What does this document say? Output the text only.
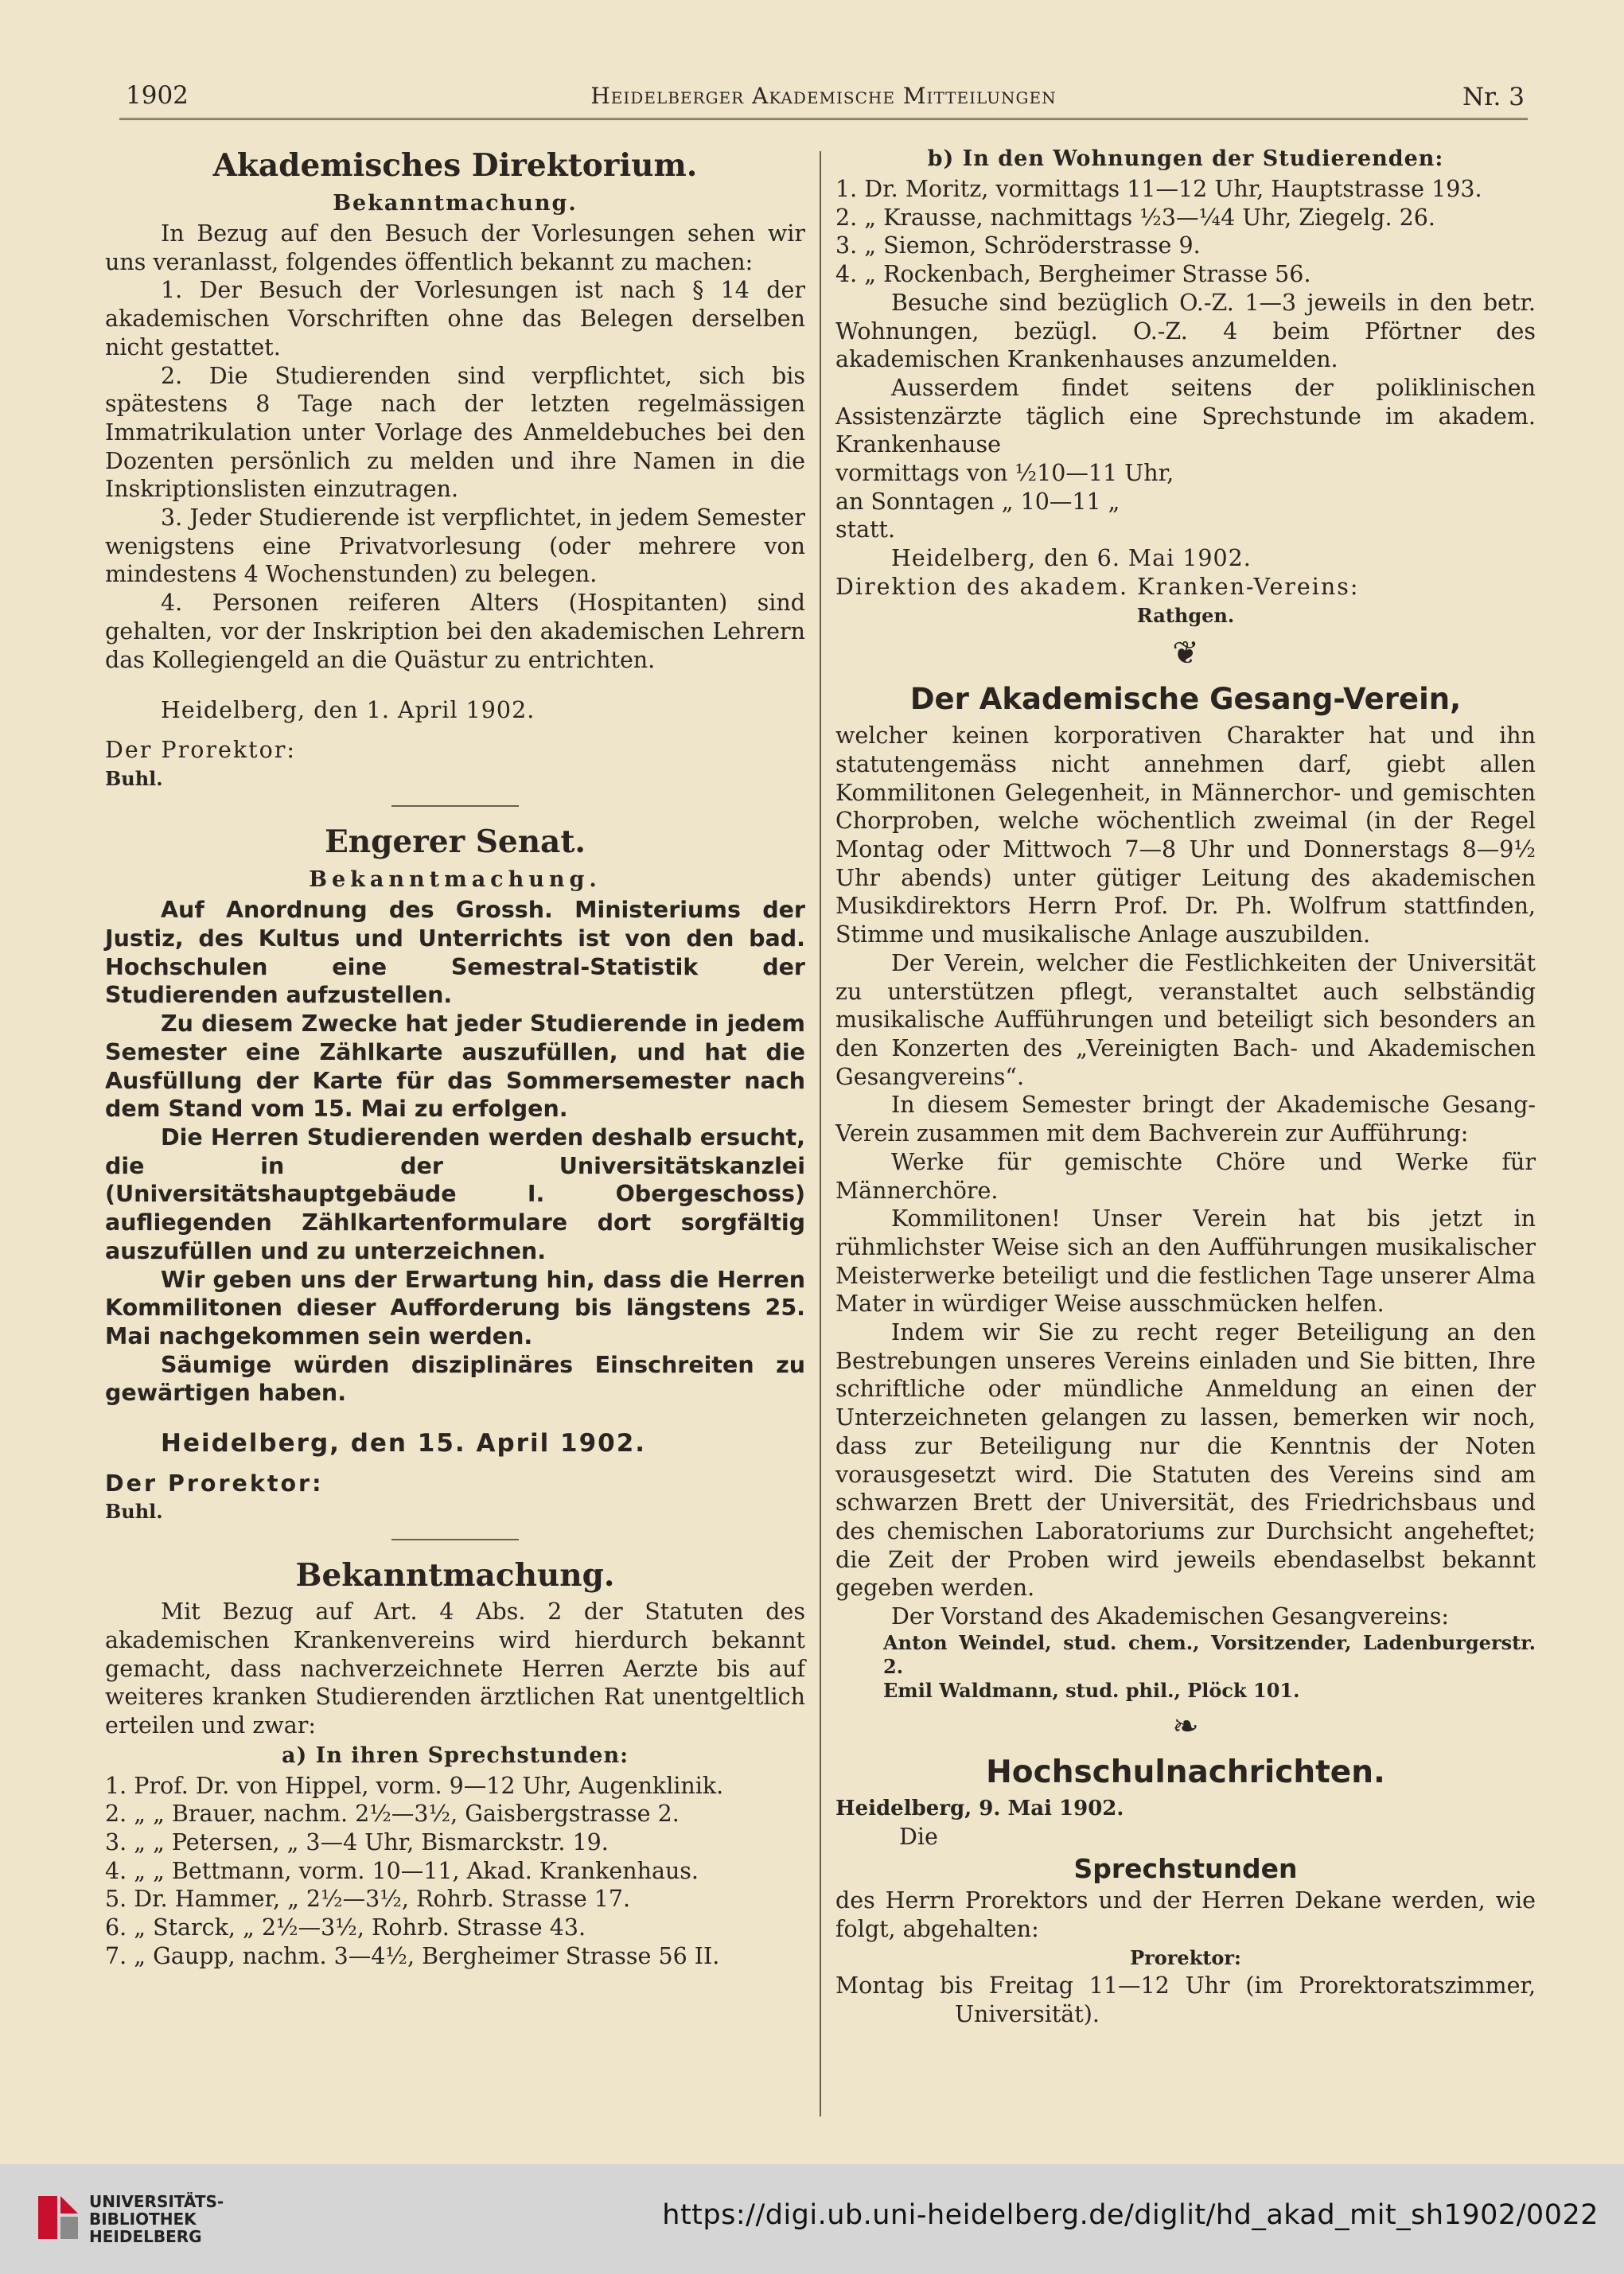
1902	Heidelberger Akademische Mitteilungen	Nr. 3
Akademisches Direktorium.
Bekanntmachung.

In Bezug auf den Besuch der Vorlesungen sehen wir uns veranlasst, folgendes öffentlich bekannt zu machen:

1. Der Besuch der Vorlesungen ist nach § 14 der akademischen Vorschriften ohne das Belegen derselben nicht gestattet.

2. Die Studierenden sind verpflichtet, sich bis spätestens 8 Tage nach der letzten regelmässigen Immatrikulation unter Vorlage des Anmeldebuches bei den Dozenten persönlich zu melden und ihre Namen in die Inskriptionslisten einzutragen.

3. Jeder Studierende ist verpflichtet, in jedem Semester wenigstens eine Privatvorlesung (oder mehrere von mindestens 4 Wochenstunden) zu belegen.

4. Personen reiferen Alters (Hospitanten) sind gehalten, vor der Inskription bei den akademischen Lehrern das Kollegiengeld an die Quästur zu entrichten.

Heidelberg, den 1. April 1902.

Der Prorektor:

Buhl.

Engerer Senat.
Bekanntmachung.

Auf Anordnung des Grossh. Ministeriums der Justiz, des Kultus und Unterrichts ist von den bad. Hochschulen eine Semestral-Statistik der Studierenden aufzustellen.

Zu diesem Zwecke hat jeder Studierende in jedem Semester eine Zählkarte auszufüllen, und hat die Ausfüllung der Karte für das Sommersemester nach dem Stand vom 15. Mai zu erfolgen.

Die Herren Studierenden werden deshalb ersucht, die in der Universitätskanzlei (Universitätshauptgebäude I. Obergeschoss) aufliegenden Zählkartenformulare dort sorgfältig auszufüllen und zu unterzeichnen.

Wir geben uns der Erwartung hin, dass die Herren Kommilitonen dieser Aufforderung bis längstens 25. Mai nachgekommen sein werden.

Säumige würden disziplinäres Einschreiten zu gewärtigen haben.

Heidelberg, den 15. April 1902.

Der Prorektor:

Buhl.

Bekanntmachung.

Mit Bezug auf Art. 4 Abs. 2 der Statuten des akademischen Krankenvereins wird hierdurch bekannt gemacht, dass nachverzeichnete Herren Aerzte bis auf weiteres kranken Studierenden ärztlichen Rat unentgeltlich erteilen und zwar:

a) In ihren Sprechstunden:

1. Prof. Dr. von Hippel, vorm. 9—12 Uhr, Augenklinik.

2. „ „ Brauer, nachm. 2½—3½, Gaisbergstrasse 2.

3. „ „ Petersen, „ 3—4 Uhr, Bismarckstr. 19.

4. „ „ Bettmann, vorm. 10—11, Akad. Krankenhaus.

5. Dr. Hammer, „ 2½—3½, Rohrb. Strasse 17.

6. „ Starck, „ 2½—3½, Rohrb. Strasse 43.

7. „ Gaupp, nachm. 3—4½, Bergheimer Strasse 56 II.

b) In den Wohnungen der Studierenden:

1. Dr. Moritz, vormittags 11—12 Uhr, Hauptstrasse 193.

2. „ Krausse, nachmittags ½3—¼4 Uhr, Ziegelg. 26.

3. „ Siemon, Schröderstrasse 9.

4. „ Rockenbach, Bergheimer Strasse 56.

Besuche sind bezüglich O.-Z. 1—3 jeweils in den betr. Wohnungen, bezügl. O.-Z. 4 beim Pförtner des akademischen Krankenhauses anzumelden.

Ausserdem findet seitens der poliklinischen Assistenzärzte täglich eine Sprechstunde im akadem. Krankenhause

vormittags von ½10—11 Uhr,

an Sonntagen „ 10—11 „

statt.

Heidelberg, den 6. Mai 1902.

Direktion des akadem. Kranken-Vereins:

Rathgen.

❦
Der Akademische Gesang-Verein,

welcher keinen korporativen Charakter hat und ihn statutengemäss nicht annehmen darf, giebt allen Kommilitonen Gelegenheit, in Männerchor- und gemischten Chorproben, welche wöchentlich zweimal (in der Regel Montag oder Mittwoch 7—8 Uhr und Donnerstags 8—9½ Uhr abends) unter gütiger Leitung des akademischen Musikdirektors Herrn Prof. Dr. Ph. Wolfrum stattfinden, Stimme und musikalische Anlage auszubilden.

Der Verein, welcher die Festlichkeiten der Universität zu unterstützen pflegt, veranstaltet auch selbständig musikalische Aufführungen und beteiligt sich besonders an den Konzerten des „Vereinigten Bach- und Akademischen Gesangvereins“.

In diesem Semester bringt der Akademische Gesang-Verein zusammen mit dem Bachverein zur Aufführung:

Werke für gemischte Chöre und Werke für Männerchöre.

Kommilitonen! Unser Verein hat bis jetzt in rühmlichster Weise sich an den Aufführungen musikalischer Meisterwerke beteiligt und die festlichen Tage unserer Alma Mater in würdiger Weise ausschmücken helfen.

Indem wir Sie zu recht reger Beteiligung an den Bestrebungen unseres Vereins einladen und Sie bitten, Ihre schriftliche oder mündliche Anmeldung an einen der Unterzeichneten gelangen zu lassen, bemerken wir noch, dass zur Beteiligung nur die Kenntnis der Noten vorausgesetzt wird. Die Statuten des Vereins sind am schwarzen Brett der Universität, des Friedrichsbaus und des chemischen Laboratoriums zur Durchsicht angeheftet; die Zeit der Proben wird jeweils ebendaselbst bekannt gegeben werden.

Der Vorstand des Akademischen Gesangvereins:

Anton Weindel, stud. chem., Vorsitzender, Ladenburgerstr. 2.

Emil Waldmann, stud. phil., Plöck 101.

❧
Hochschulnachrichten.

Heidelberg, 9. Mai 1902.

Die

Sprechstunden

des Herrn Prorektors und der Herren Dekane werden, wie folgt, abgehalten:

Prorektor:

Montag bis Freitag 11—12 Uhr (im Prorektoratszimmer, Universität).

UNIVERSITÄTS-
BIBLIOTHEK
HEIDELBERG
https://digi.ub.uni-heidelberg.de/diglit/hd_akad_mit_sh1902/0022
